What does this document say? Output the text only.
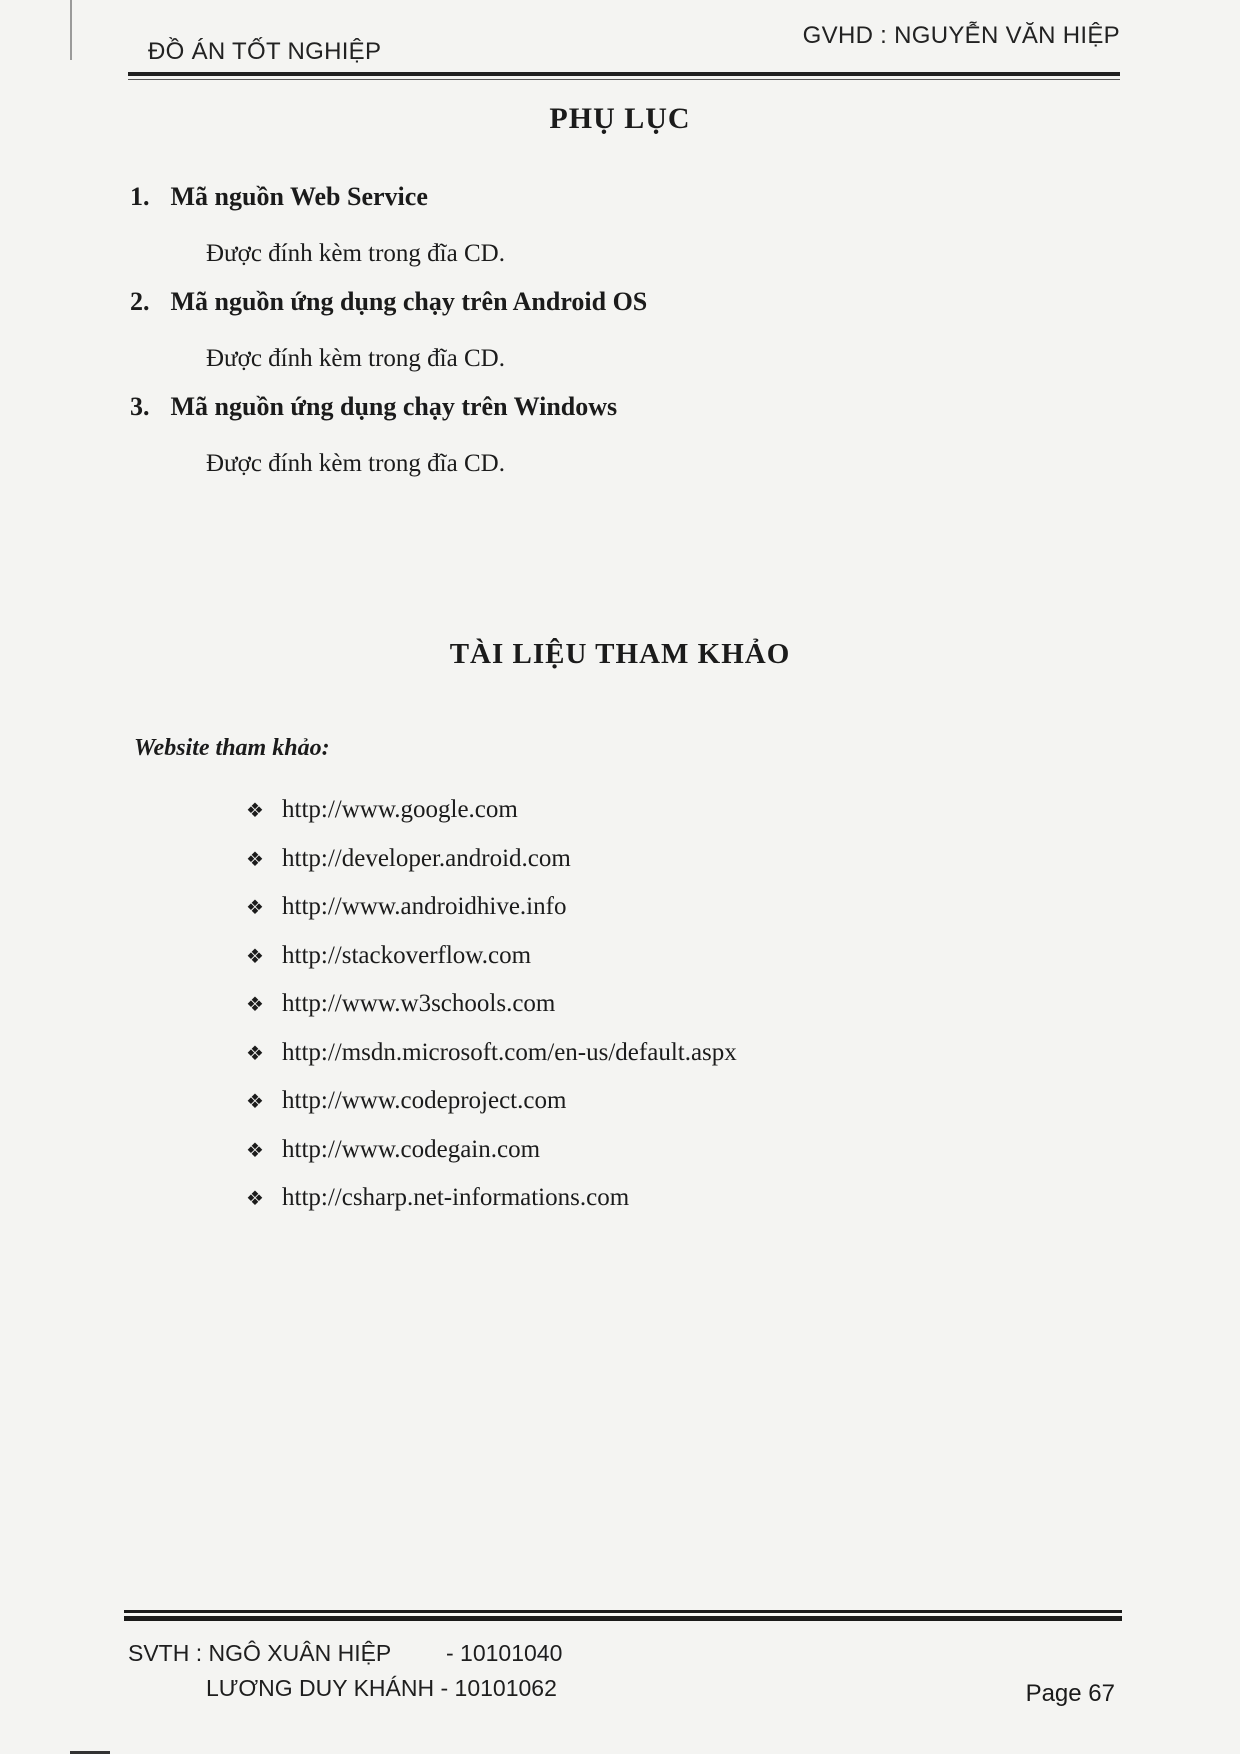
ĐỒ ÁN TỐT NGHIỆP
GVHD : NGUYỄN VĂN HIỆP
PHỤ LỤC
1. Mã nguồn Web Service
Được đính kèm trong đĩa CD.
2. Mã nguồn ứng dụng chạy trên Android OS
Được đính kèm trong đĩa CD.
3. Mã nguồn ứng dụng chạy trên Windows
Được đính kèm trong đĩa CD.
TÀI LIỆU THAM KHẢO
Website tham khảo:
❖ http://www.google.com
❖ http://developer.android.com
❖ http://www.androidhive.info
❖ http://stackoverflow.com
❖ http://www.w3schools.com
❖ http://msdn.microsoft.com/en-us/default.aspx
❖ http://www.codeproject.com
❖ http://www.codegain.com
❖ http://csharp.net-informations.com
SVTH : NGÔ XUÂN HIỆP - 10101040
LƯƠNG DUY KHÁNH - 10101062	Page 67
